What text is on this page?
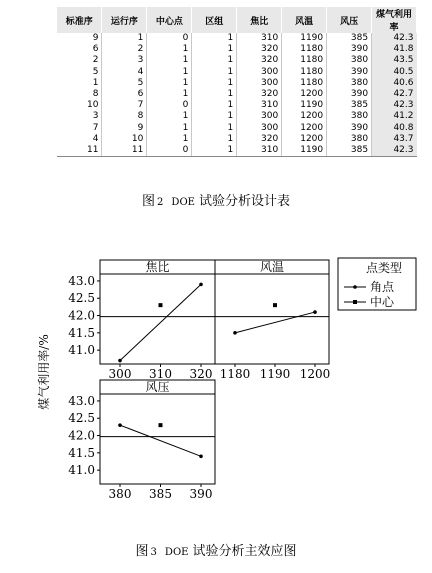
标准序	运行序	中心点	区组	焦比	风温	风压	煤气利用率
9	1	0	1	310	1190	385	42.3
6	2	1	1	320	1180	390	41.8
2	3	1	1	320	1180	380	43.5
5	4	1	1	300	1180	390	40.5
1	5	1	1	300	1180	380	40.6
8	6	1	1	320	1200	390	42.7
10	7	0	1	310	1190	385	42.3
3	8	1	1	300	1200	380	41.2
7	9	1	1	300	1200	390	40.8
4	10	1	1	320	1200	380	43.7
11	11	0	1	310	1190	385	42.3
图 2 DOE 试验分析设计表
焦比
300 310 320
43.0
42.5
42.0
41.5
41.0
风温
1180 1190 1200
风压
380 385 390
43.0
42.5
42.0
41.5
41.0
煤气利用率/%
点类型
角点
中心
图 3 DOE 试验分析主效应图
